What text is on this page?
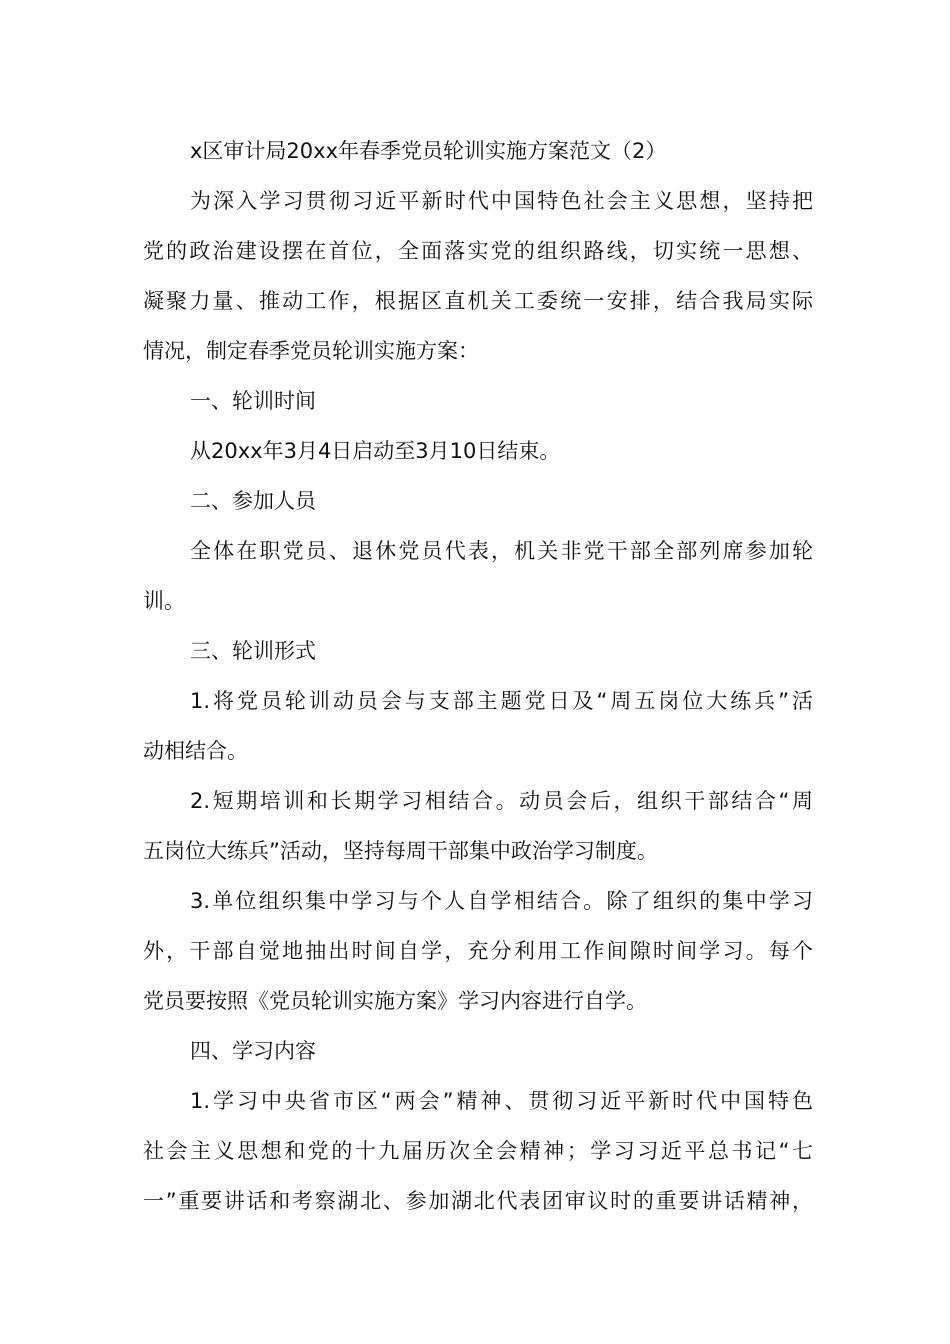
x区审计局20xx年春季党员轮训实施方案范文（2）
为深入学习贯彻习近平新时代中国特色社会主义思想，坚持把
党的政治建设摆在首位，全面落实党的组织路线，切实统一思想、
凝聚力量、推动工作，根据区直机关工委统一安排，结合我局实际
情况，制定春季党员轮训实施方案：
一、轮训时间
从20xx年3月4日启动至3月10日结束。
二、参加人员
全体在职党员、退休党员代表，机关非党干部全部列席参加轮
训。
三、轮训形式
1.将党员轮训动员会与支部主题党日及“周五岗位大练兵”活
动相结合。
2.短期培训和长期学习相结合。动员会后，组织干部结合“周
五岗位大练兵”活动，坚持每周干部集中政治学习制度。
3.单位组织集中学习与个人自学相结合。除了组织的集中学习
外，干部自觉地抽出时间自学，充分利用工作间隙时间学习。每个
党员要按照《党员轮训实施方案》学习内容进行自学。
四、学习内容
1.学习中央省市区“两会”精神、贯彻习近平新时代中国特色
社会主义思想和党的十九届历次全会精神；学习习近平总书记“七
一”重要讲话和考察湖北、参加湖北代表团审议时的重要讲话精神，
